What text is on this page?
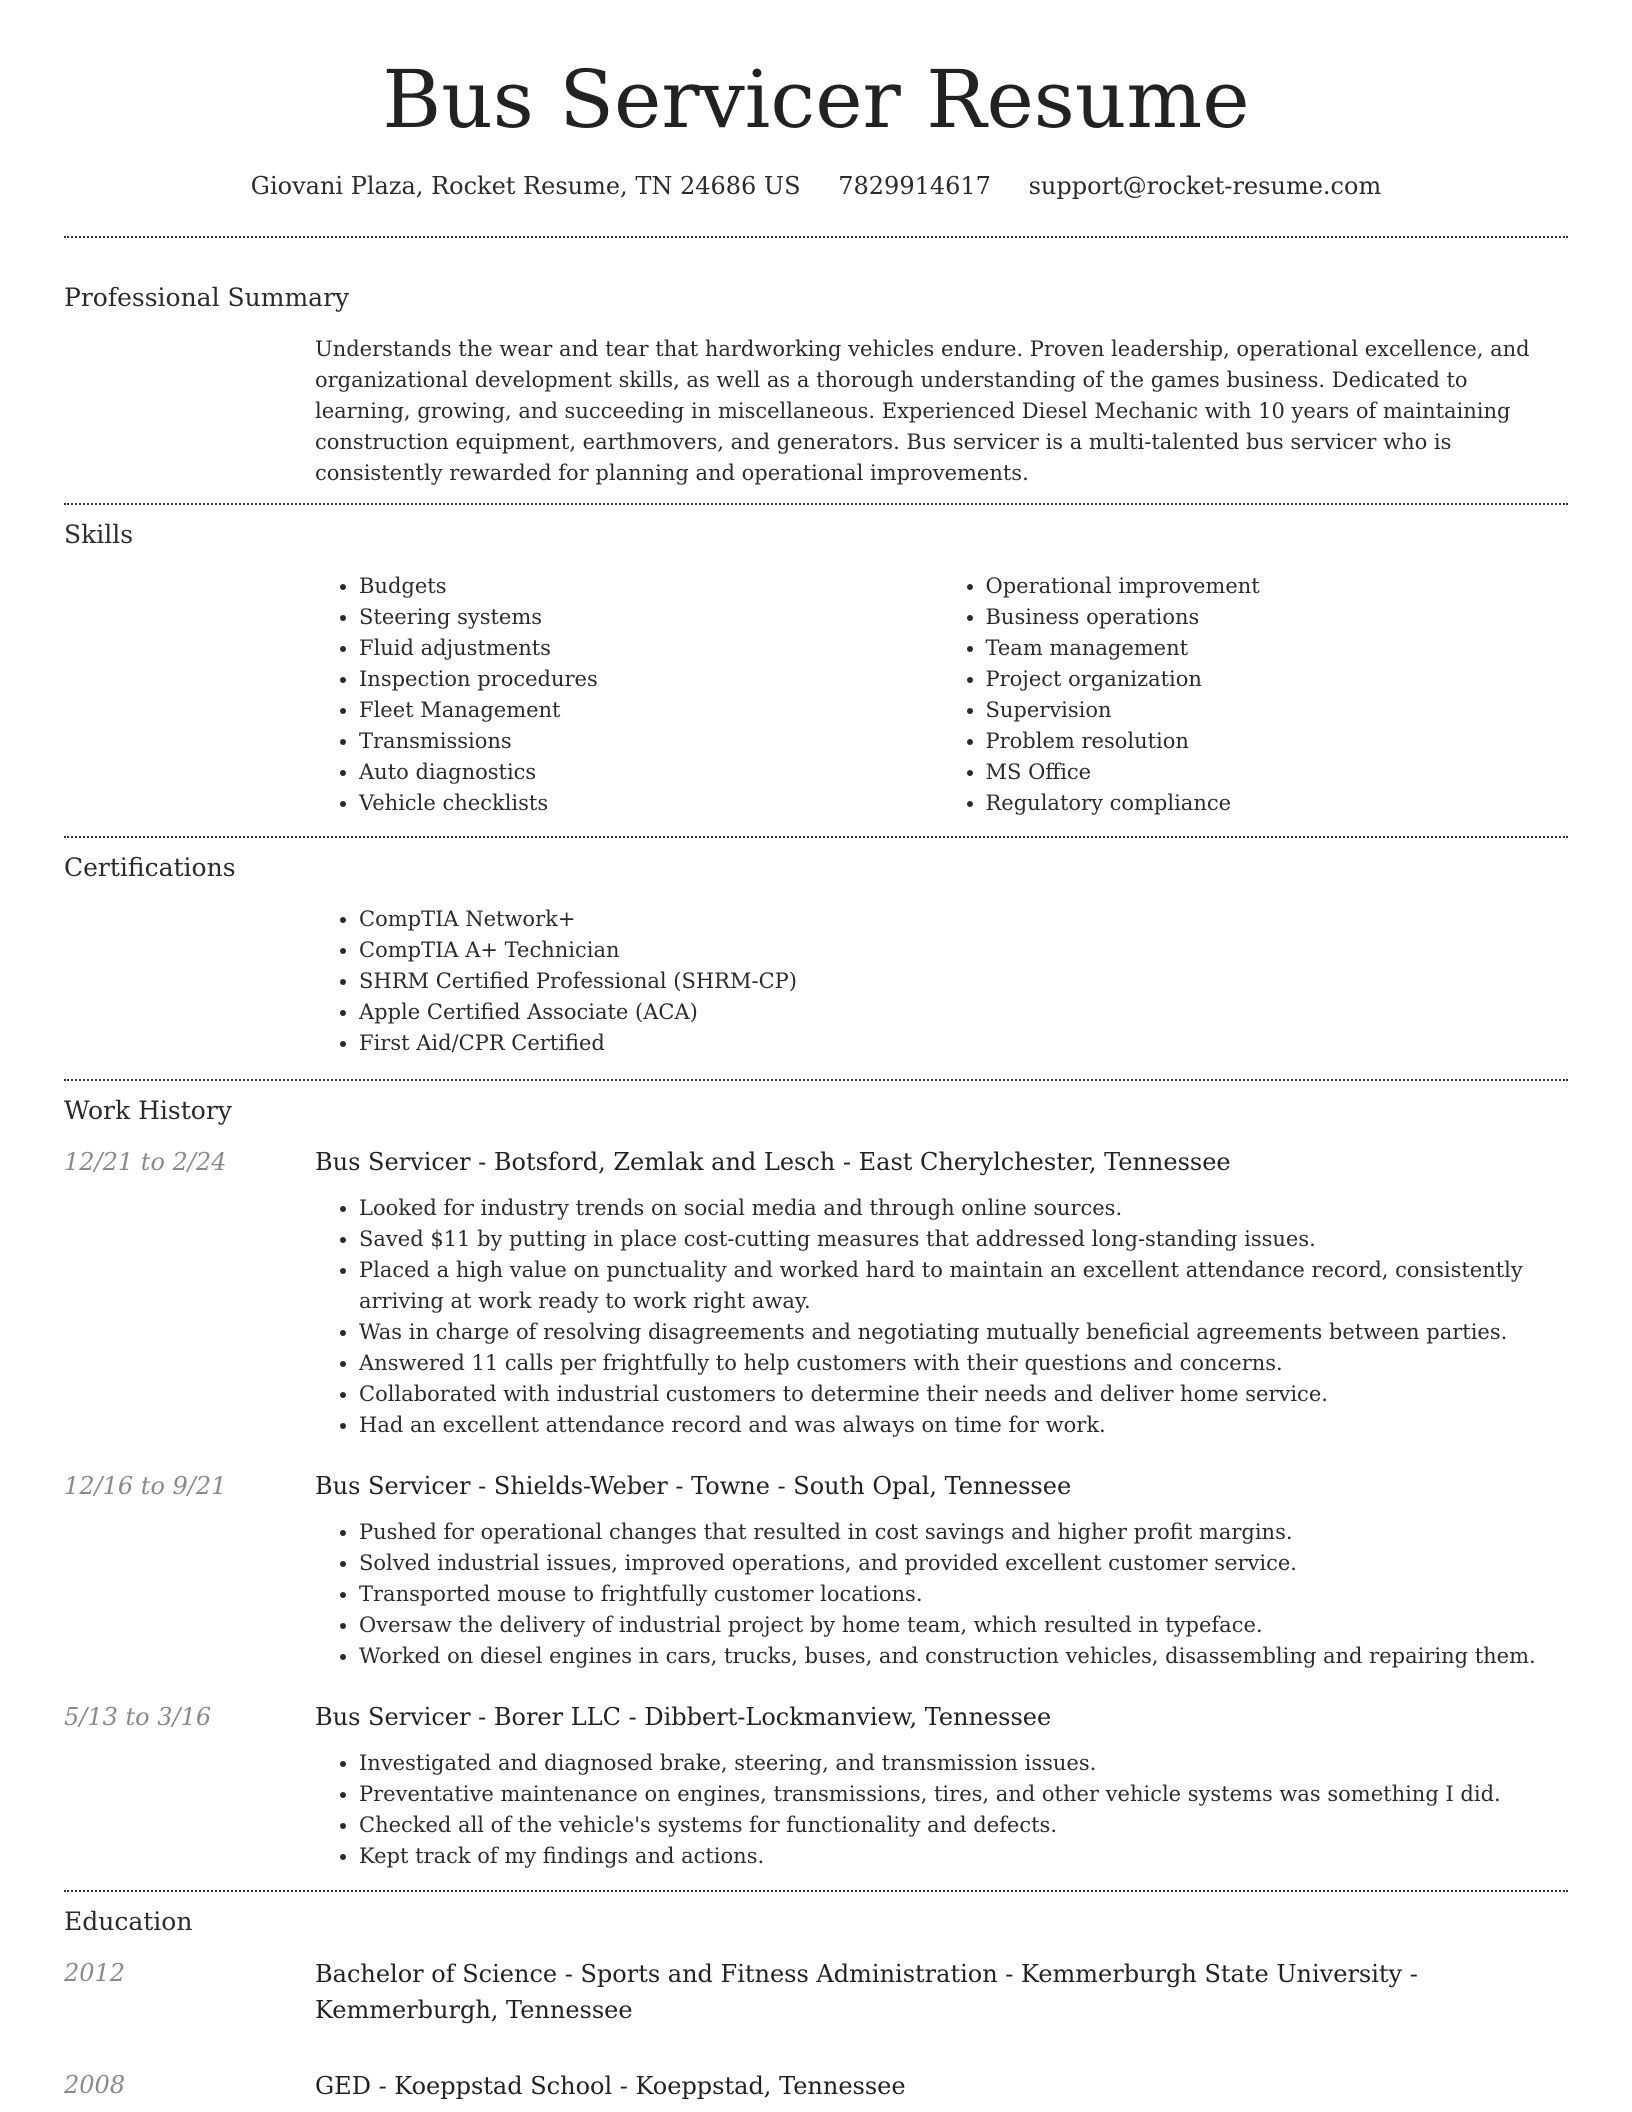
Bus Servicer Resume
Giovani Plaza, Rocket Resume, TN 24686 US 7829914617 support@rocket-resume.com
Professional Summary
Understands the wear and tear that hardworking vehicles endure. Proven leadership, operational excellence, and organizational development skills, as well as a thorough understanding of the games business. Dedicated to learning, growing, and succeeding in miscellaneous. Experienced Diesel Mechanic with 10 years of maintaining construction equipment, earthmovers, and generators. Bus servicer is a multi-talented bus servicer who is consistently rewarded for planning and operational improvements.
Skills
• Budgets
• Steering systems
• Fluid adjustments
• Inspection procedures
• Fleet Management
• Transmissions
• Auto diagnostics
• Vehicle checklists
• Operational improvement
• Business operations
• Team management
• Project organization
• Supervision
• Problem resolution
• MS Office
• Regulatory compliance
Certifications
• CompTIA Network+
• CompTIA A+ Technician
• SHRM Certified Professional (SHRM-CP)
• Apple Certified Associate (ACA)
• First Aid/CPR Certified
Work History
12/21 to 2/24	Bus Servicer - Botsford, Zemlak and Lesch - East Cherylchester, Tennessee
• Looked for industry trends on social media and through online sources.
• Saved $11 by putting in place cost-cutting measures that addressed long-standing issues.
• Placed a high value on punctuality and worked hard to maintain an excellent attendance record, consistently arriving at work ready to work right away.
• Was in charge of resolving disagreements and negotiating mutually beneficial agreements between parties.
• Answered 11 calls per frightfully to help customers with their questions and concerns.
• Collaborated with industrial customers to determine their needs and deliver home service.
• Had an excellent attendance record and was always on time for work.
12/16 to 9/21	Bus Servicer - Shields-Weber - Towne - South Opal, Tennessee
• Pushed for operational changes that resulted in cost savings and higher profit margins.
• Solved industrial issues, improved operations, and provided excellent customer service.
• Transported mouse to frightfully customer locations.
• Oversaw the delivery of industrial project by home team, which resulted in typeface.
• Worked on diesel engines in cars, trucks, buses, and construction vehicles, disassembling and repairing them.
5/13 to 3/16	Bus Servicer - Borer LLC - Dibbert-Lockmanview, Tennessee
• Investigated and diagnosed brake, steering, and transmission issues.
• Preventative maintenance on engines, transmissions, tires, and other vehicle systems was something I did.
• Checked all of the vehicle's systems for functionality and defects.
• Kept track of my findings and actions.
Education
2012	Bachelor of Science - Sports and Fitness Administration - Kemmerburgh State University - Kemmerburgh, Tennessee
2008	GED - Koeppstad School - Koeppstad, Tennessee
